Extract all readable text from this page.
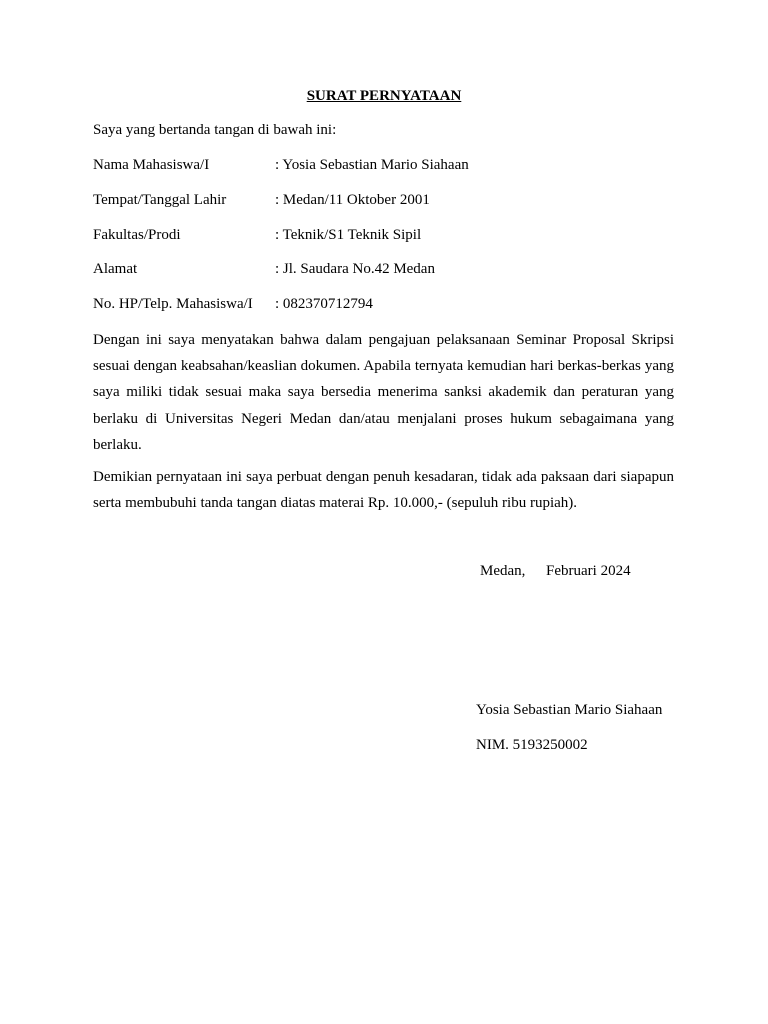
SURAT PERNYATAAN
Saya yang bertanda tangan di bawah ini:
Nama Mahasiswa/I	: Yosia Sebastian Mario Siahaan
Tempat/Tanggal Lahir	: Medan/11 Oktober 2001
Fakultas/Prodi	: Teknik/S1 Teknik Sipil
Alamat	: Jl. Saudara No.42 Medan
No. HP/Telp. Mahasiswa/I : 082370712794

Dengan ini saya menyatakan bahwa dalam pengajuan pelaksanaan Seminar Proposal Skripsi sesuai dengan keabsahan/keaslian dokumen. Apabila ternyata kemudian hari berkas-berkas yang saya miliki tidak sesuai maka saya bersedia menerima sanksi akademik dan peraturan yang berlaku di Universitas Negeri Medan dan/atau menjalani proses hukum sebagaimana yang berlaku.

Demikian pernyataan ini saya perbuat dengan penuh kesadaran, tidak ada paksaan dari siapapun serta membubuhi tanda tangan diatas materai Rp. 10.000,- (sepuluh ribu rupiah).

Medan, Februari 2024
Yosia Sebastian Mario Siahaan
NIM. 5193250002
